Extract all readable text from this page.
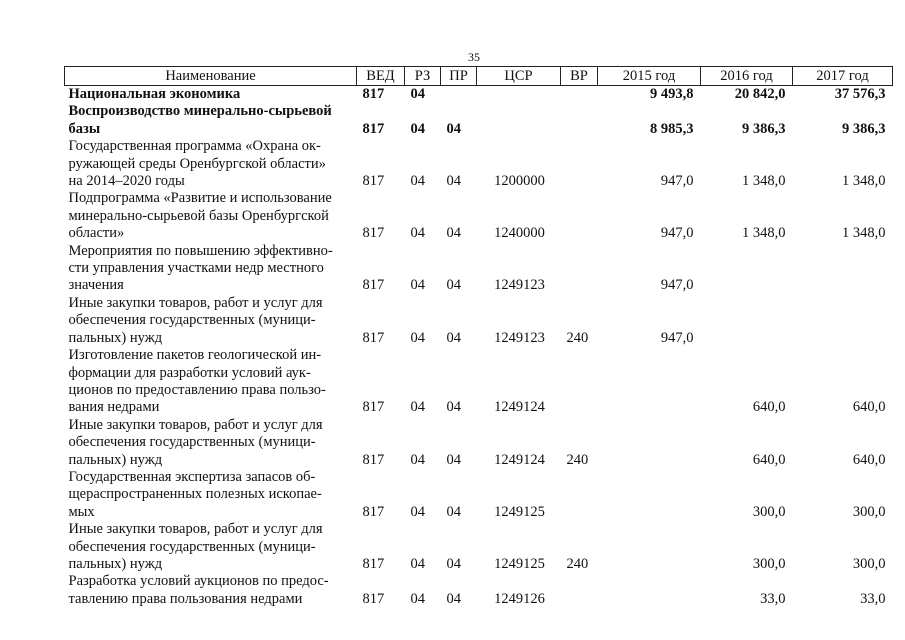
35
Наименование	ВЕД	РЗ	ПР	ЦСР	ВР	2015 год	2016 год	2017 год
Национальная экономика	817	04				9 493,8	20 842,0	37 576,3
Воспроизводство минерально-сырьевой
базы	817	04	04			8 985,3	9 386,3	9 386,3
Государственная программа «Охрана ок-
ружающей среды Оренбургской области»
на 2014–2020 годы	817	04	04	1200000		947,0	1 348,0	1 348,0
Подпрограмма «Развитие и использование
минерально-сырьевой базы Оренбургской
области»	817	04	04	1240000		947,0	1 348,0	1 348,0
Мероприятия по повышению эффективно-
сти управления участками недр местного
значения	817	04	04	1249123		947,0		
Иные закупки товаров, работ и услуг для
обеспечения государственных (муници-
пальных) нужд	817	04	04	1249123	240	947,0		
Изготовление пакетов геологической ин-
формации для разработки условий аук-
ционов по предоставлению права пользо-
вания недрами	817	04	04	1249124			640,0	640,0
Иные закупки товаров, работ и услуг для
обеспечения государственных (муници-
пальных) нужд	817	04	04	1249124	240		640,0	640,0
Государственная экспертиза запасов об-
щераспространенных полезных ископае-
мых	817	04	04	1249125			300,0	300,0
Иные закупки товаров, работ и услуг для
обеспечения государственных (муници-
пальных) нужд	817	04	04	1249125	240		300,0	300,0
Разработка условий аукционов по предос-
тавлению права пользования недрами	817	04	04	1249126			33,0	33,0
